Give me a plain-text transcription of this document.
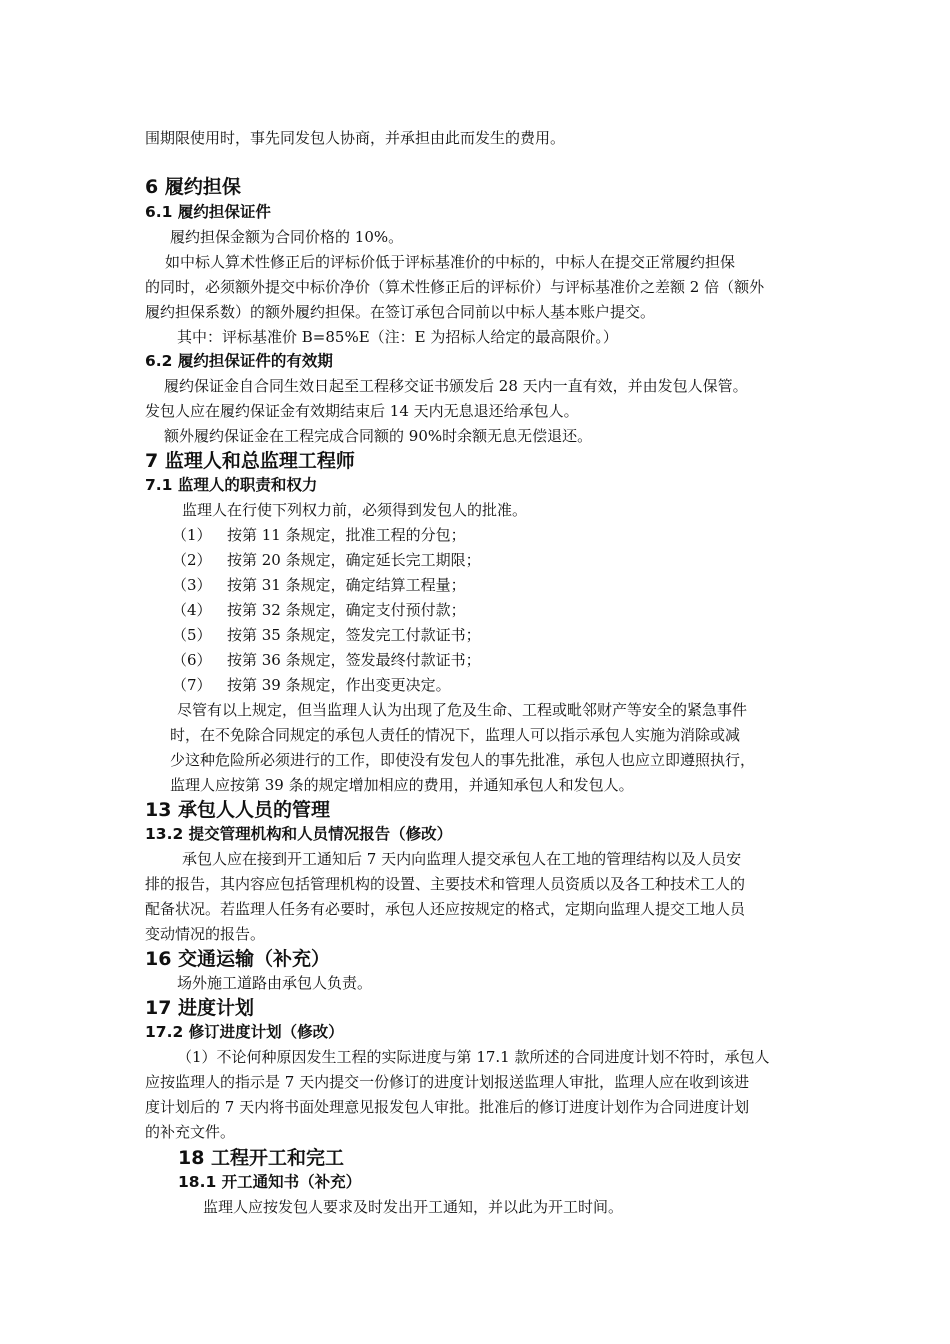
围期限使用时，事先同发包人协商，并承担由此而发生的费用。

6 履约担保
6.1 履约担保证件

履约担保金额为合同价格的 10%。

如中标人算术性修正后的评标价低于评标基准价的中标的，中标人在提交正常履约担保

的同时，必须额外提交中标价净价（算术性修正后的评标价）与评标基准价之差额 2 倍（额外

履约担保系数）的额外履约担保。在签订承包合同前以中标人基本账户提交。

其中：评标基准价 B=85%E（注：E 为招标人给定的最高限价。）

6.2 履约担保证件的有效期

履约保证金自合同生效日起至工程移交证书颁发后 28 天内一直有效，并由发包人保管。

发包人应在履约保证金有效期结束后 14 天内无息退还给承包人。

额外履约保证金在工程完成合同额的 90%时余额无息无偿退还。

7 监理人和总监理工程师
7.1 监理人的职责和权力

监理人在行使下列权力前，必须得到发包人的批准。

（1） 按第 11 条规定，批准工程的分包；

（2） 按第 20 条规定，确定延长完工期限；

（3） 按第 31 条规定，确定结算工程量；

（4） 按第 32 条规定，确定支付预付款；

（5） 按第 35 条规定，签发完工付款证书；

（6） 按第 36 条规定，签发最终付款证书；

（7） 按第 39 条规定，作出变更决定。

尽管有以上规定，但当监理人认为出现了危及生命、工程或毗邻财产等安全的紧急事件

时，在不免除合同规定的承包人责任的情况下，监理人可以指示承包人实施为消除或减

少这种危险所必须进行的工作，即使没有发包人的事先批准，承包人也应立即遵照执行，

监理人应按第 39 条的规定增加相应的费用，并通知承包人和发包人。

13 承包人人员的管理
13.2 提交管理机构和人员情况报告（修改）

承包人应在接到开工通知后 7 天内向监理人提交承包人在工地的管理结构以及人员安

排的报告，其内容应包括管理机构的设置、主要技术和管理人员资质以及各工种技术工人的

配备状况。若监理人任务有必要时，承包人还应按规定的格式，定期向监理人提交工地人员

变动情况的报告。

16 交通运输（补充）

场外施工道路由承包人负责。

17 进度计划
17.2 修订进度计划（修改）

（1）不论何种原因发生工程的实际进度与第 17.1 款所述的合同进度计划不符时，承包人

应按监理人的指示是 7 天内提交一份修订的进度计划报送监理人审批，监理人应在收到该进

度计划后的 7 天内将书面处理意见报发包人审批。批准后的修订进度计划作为合同进度计划

的补充文件。

18 工程开工和完工
18.1 开工通知书（补充）

监理人应按发包人要求及时发出开工通知，并以此为开工时间。
